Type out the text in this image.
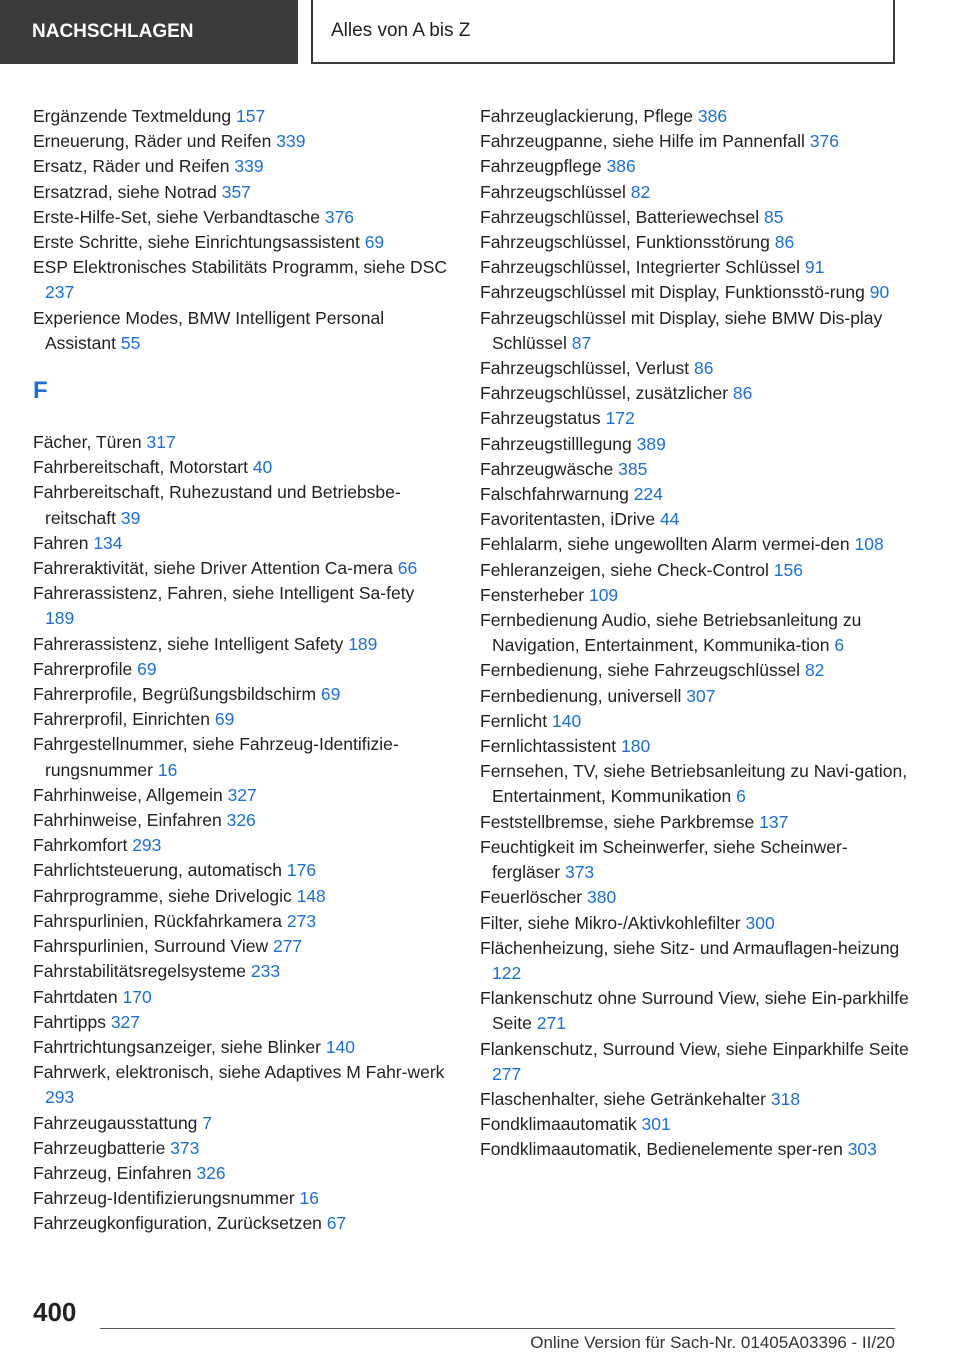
NACHSCHLAGEN	Alles von A bis Z
Ergänzende Textmeldung 157
Erneuerung, Räder und Reifen 339
Ersatz, Räder und Reifen 339
Ersatzrad, siehe Notrad 357
Erste-Hilfe-Set, siehe Verbandtasche 376
Erste Schritte, siehe Einrichtungsassistent 69
ESP Elektronisches Stabilitäts Programm, siehe DSC 237
Experience Modes, BMW Intelligent Personal Assistant 55
F
Fächer, Türen 317
Fahrbereitschaft, Motorstart 40
Fahrbereitschaft, Ruhezustand und Betriebsbe-reitschaft 39
Fahren 134
Fahreraktivität, siehe Driver Attention Ca-mera 66
Fahrerassistenz, Fahren, siehe Intelligent Sa-fety 189
Fahrerassistenz, siehe Intelligent Safety 189
Fahrerprofile 69
Fahrerprofile, Begrüßungsbildschirm 69
Fahrerprofil, Einrichten 69
Fahrgestellnummer, siehe Fahrzeug-Identifizie-rungsnummer 16
Fahrhinweise, Allgemein 327
Fahrhinweise, Einfahren 326
Fahrkomfort 293
Fahrlichtsteuerung, automatisch 176
Fahrprogramme, siehe Drivelogic 148
Fahrspurlinien, Rückfahrkamera 273
Fahrspurlinien, Surround View 277
Fahrstabilitätsregelsysteme 233
Fahrtdaten 170
Fahrtipps 327
Fahrtrichtungsanzeiger, siehe Blinker 140
Fahrwerk, elektronisch, siehe Adaptives M Fahr-werk 293
Fahrzeugausstattung 7
Fahrzeugbatterie 373
Fahrzeug, Einfahren 326
Fahrzeug-Identifizierungsnummer 16
Fahrzeugkonfiguration, Zurücksetzen 67
Fahrzeuglackierung, Pflege 386
Fahrzeugpanne, siehe Hilfe im Pannenfall 376
Fahrzeugpflege 386
Fahrzeugschlüssel 82
Fahrzeugschlüssel, Batteriewechsel 85
Fahrzeugschlüssel, Funktionsstörung 86
Fahrzeugschlüssel, Integrierter Schlüssel 91
Fahrzeugschlüssel mit Display, Funktionsstö-rung 90
Fahrzeugschlüssel mit Display, siehe BMW Dis-play Schlüssel 87
Fahrzeugschlüssel, Verlust 86
Fahrzeugschlüssel, zusätzlicher 86
Fahrzeugstatus 172
Fahrzeugstilllegung 389
Fahrzeugwäsche 385
Falschfahrwarnung 224
Favoritentasten, iDrive 44
Fehlalarm, siehe ungewollten Alarm vermei-den 108
Fehleranzeigen, siehe Check-Control 156
Fensterheber 109
Fernbedienung Audio, siehe Betriebsanleitung zu Navigation, Entertainment, Kommunika-tion 6
Fernbedienung, siehe Fahrzeugschlüssel 82
Fernbedienung, universell 307
Fernlicht 140
Fernlichtassistent 180
Fernsehen, TV, siehe Betriebsanleitung zu Navi-gation, Entertainment, Kommunikation 6
Feststellbremse, siehe Parkbremse 137
Feuchtigkeit im Scheinwerfer, siehe Scheinwer-fergläser 373
Feuerlöscher 380
Filter, siehe Mikro-/Aktivkohlefilter 300
Flächenheizung, siehe Sitz- und Armauflagen-heizung 122
Flankenschutz ohne Surround View, siehe Ein-parkhilfe Seite 271
Flankenschutz, Surround View, siehe Einparkhilfe Seite 277
Flaschenhalter, siehe Getränkehalter 318
Fondklimaautomatik 301
Fondklimaautomatik, Bedienelemente sper-ren 303
400
Online Version für Sach-Nr. 01405A03396 - II/20
